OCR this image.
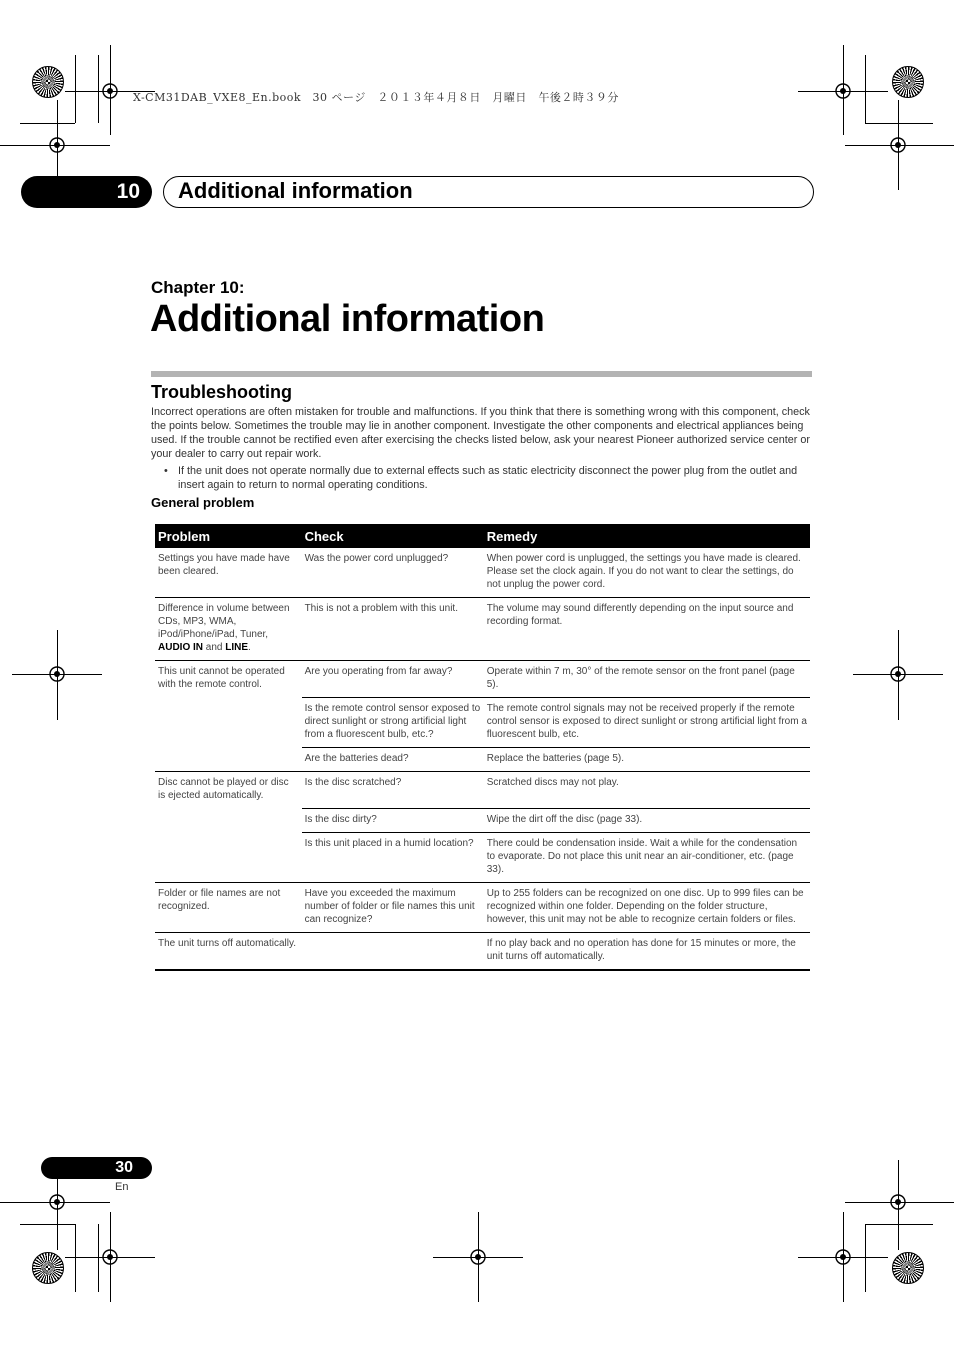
X-CM31DAB_VXE8_En.book　30 ページ　２０１３年４月８日　月曜日　午後２時３９分
10	Additional information
Chapter 10:
Additional information
Troubleshooting
Incorrect operations are often mistaken for trouble and malfunctions. If you think that there is something wrong with this component, check the points below. Sometimes the trouble may lie in another component. Investigate the other components and electrical appliances being used. If the trouble cannot be rectified even after exercising the checks listed below, ask your nearest Pioneer authorized service center or your dealer to carry out repair work.
• If the unit does not operate normally due to external effects such as static electricity disconnect the power plug from the outlet and insert again to return to normal operating conditions.
General problem
Problem	Check	Remedy
Settings you have made have been cleared.	Was the power cord unplugged?	When power cord is unplugged, the settings you have made is cleared. Please set the clock again. If you do not want to clear the settings, do not unplug the power cord.
Difference in volume between CDs, MP3, WMA, iPod/iPhone/iPad, Tuner, AUDIO IN and LINE.	This is not a problem with this unit.	The volume may sound differently depending on the input source and recording format.
This unit cannot be operated with the remote control.	Are you operating from far away?	Operate within 7 m, 30° of the remote sensor on the front panel (page 5).
	Is the remote control sensor exposed to direct sunlight or strong artificial light from a fluorescent bulb, etc.?	The remote control signals may not be received properly if the remote control sensor is exposed to direct sunlight or strong artificial light from a fluorescent bulb, etc.
	Are the batteries dead?	Replace the batteries (page 5).
Disc cannot be played or disc is ejected automatically.	Is the disc scratched?	Scratched discs may not play.
	Is the disc dirty?	Wipe the dirt off the disc (page 33).
	Is this unit placed in a humid location?	There could be condensation inside. Wait a while for the condensation to evaporate. Do not place this unit near an air-conditioner, etc. (page 33).
Folder or file names are not recognized.	Have you exceeded the maximum number of folder or file names this unit can recognize?	Up to 255 folders can be recognized on one disc. Up to 999 files can be recognized within one folder. Depending on the folder structure, however, this unit may not be able to recognize certain folders or files.
The unit turns off automatically.		If no play back and no operation has done for 15 minutes or more, the unit turns off automatically.
30
En
